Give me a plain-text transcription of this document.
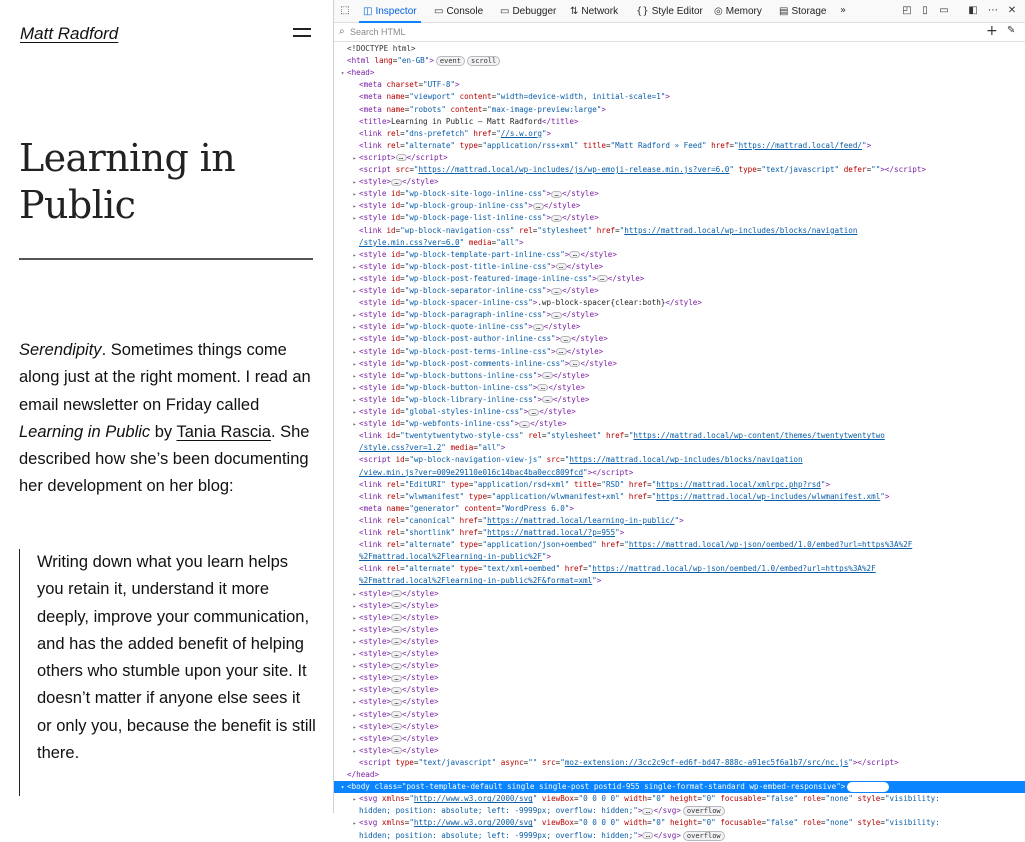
Matt Radford
Learning in Public

Serendipity. Sometimes things come along just at the right moment. I read an email newsletter on Friday called Learning in Public by Tania Rascia. She described how she’s been documenting her development on her blog:

Writing down what you learn helps you retain it, understand it more deeply, improve your communication, and has the added benefit of helping others who stumble upon your site. It doesn’t matter if anyone else sees it or only you, because the benefit is still there.
⬚ ◫ Inspector ▭ Console ▭ Debugger ⇅ Network {} Style Editor ◎ Memory ▤ Storage	»	◰	▯	▭ ◧ ⋯ ✕
⌕
Search HTML	+ ✎
<!DOCTYPE html>
<html lang="en-GB"> event scroll
▾ <head>
<meta charset="UTF-8">
<meta name="viewport" content="width=device-width, initial-scale=1">
<meta name="robots" content="max-image-preview:large">
<title>Learning in Public – Matt Radford</title>
<link rel="dns-prefetch" href="//s.w.org">
<link rel="alternate" type="application/rss+xml" title="Matt Radford » Feed" href="https://mattrad.local/feed/">
▸ <script> … </script>
<script src="https://mattrad.local/wp-includes/js/wp-emoji-release.min.js?ver=6.0" type="text/javascript" defer=""></script>
▸ <style> … </style>
▸ <style id="wp-block-site-logo-inline-css"> … </style>
▸ <style id="wp-block-group-inline-css"> … </style>
▸ <style id="wp-block-page-list-inline-css"> … </style>
<link id="wp-block-navigation-css" rel="stylesheet" href="https://mattrad.local/wp-includes/blocks/navigation
/style.min.css?ver=6.0" media="all">
▸ <style id="wp-block-template-part-inline-css"> … </style>
▸ <style id="wp-block-post-title-inline-css"> … </style>
▸ <style id="wp-block-post-featured-image-inline-css"> … </style>
▸ <style id="wp-block-separator-inline-css"> … </style>
<style id="wp-block-spacer-inline-css">.wp-block-spacer{clear:both}</style>
▸ <style id="wp-block-paragraph-inline-css"> … </style>
▸ <style id="wp-block-quote-inline-css"> … </style>
▸ <style id="wp-block-post-author-inline-css"> … </style>
▸ <style id="wp-block-post-terms-inline-css"> … </style>
▸ <style id="wp-block-post-comments-inline-css"> … </style>
▸ <style id="wp-block-buttons-inline-css"> … </style>
▸ <style id="wp-block-button-inline-css"> … </style>
▸ <style id="wp-block-library-inline-css"> … </style>
▸ <style id="global-styles-inline-css"> … </style>
▸ <style id="wp-webfonts-inline-css"> … </style>
<link id="twentytwentytwo-style-css" rel="stylesheet" href="https://mattrad.local/wp-content/themes/twentytwentytwo
/style.css?ver=1.2" media="all">
<script id="wp-block-navigation-view-js" src="https://mattrad.local/wp-includes/blocks/navigation
/view.min.js?ver=009e29110e016c14bac4ba0ecc809fcd"></script>
<link rel="EditURI" type="application/rsd+xml" title="RSD" href="https://mattrad.local/xmlrpc.php?rsd">
<link rel="wlwmanifest" type="application/wlwmanifest+xml" href="https://mattrad.local/wp-includes/wlwmanifest.xml">
<meta name="generator" content="WordPress 6.0">
<link rel="canonical" href="https://mattrad.local/learning-in-public/">
<link rel="shortlink" href="https://mattrad.local/?p=955">
<link rel="alternate" type="application/json+oembed" href="https://mattrad.local/wp-json/oembed/1.0/embed?url=https%3A%2F
%2Fmattrad.local%2Flearning-in-public%2F">
<link rel="alternate" type="text/xml+oembed" href="https://mattrad.local/wp-json/oembed/1.0/embed?url=https%3A%2F
%2Fmattrad.local%2Flearning-in-public%2F&format=xml">
▸ <style> … </style>
▸ <style> … </style>
▸ <style> … </style>
▸ <style> … </style>
▸ <style> … </style>
▸ <style> … </style>
▸ <style> … </style>
▸ <style> … </style>
▸ <style> … </style>
▸ <style> … </style>
▸ <style> … </style>
▸ <style> … </style>
▸ <style> … </style>
▸ <style> … </style>
<script type="text/javascript" async="" src="moz-extension://3cc2c9cf-ed6f-bd47-888c-a91ec5f6a1b7/src/nc.js"></script>
</head>
▾ <body class="post-template-default single single-post postid-955 single-format-standard wp-embed-responsive"> overflow
▸ <svg xmlns="http://www.w3.org/2000/svg" viewBox="0 0 0 0" width="0" height="0" focusable="false" role="none" style="visibility:
hidden; position: absolute; left: -9999px; overflow: hidden;"> … </svg> overflow
▸ <svg xmlns="http://www.w3.org/2000/svg" viewBox="0 0 0 0" width="0" height="0" focusable="false" role="none" style="visibility:
hidden; position: absolute; left: -9999px; overflow: hidden;"> … </svg> overflow
